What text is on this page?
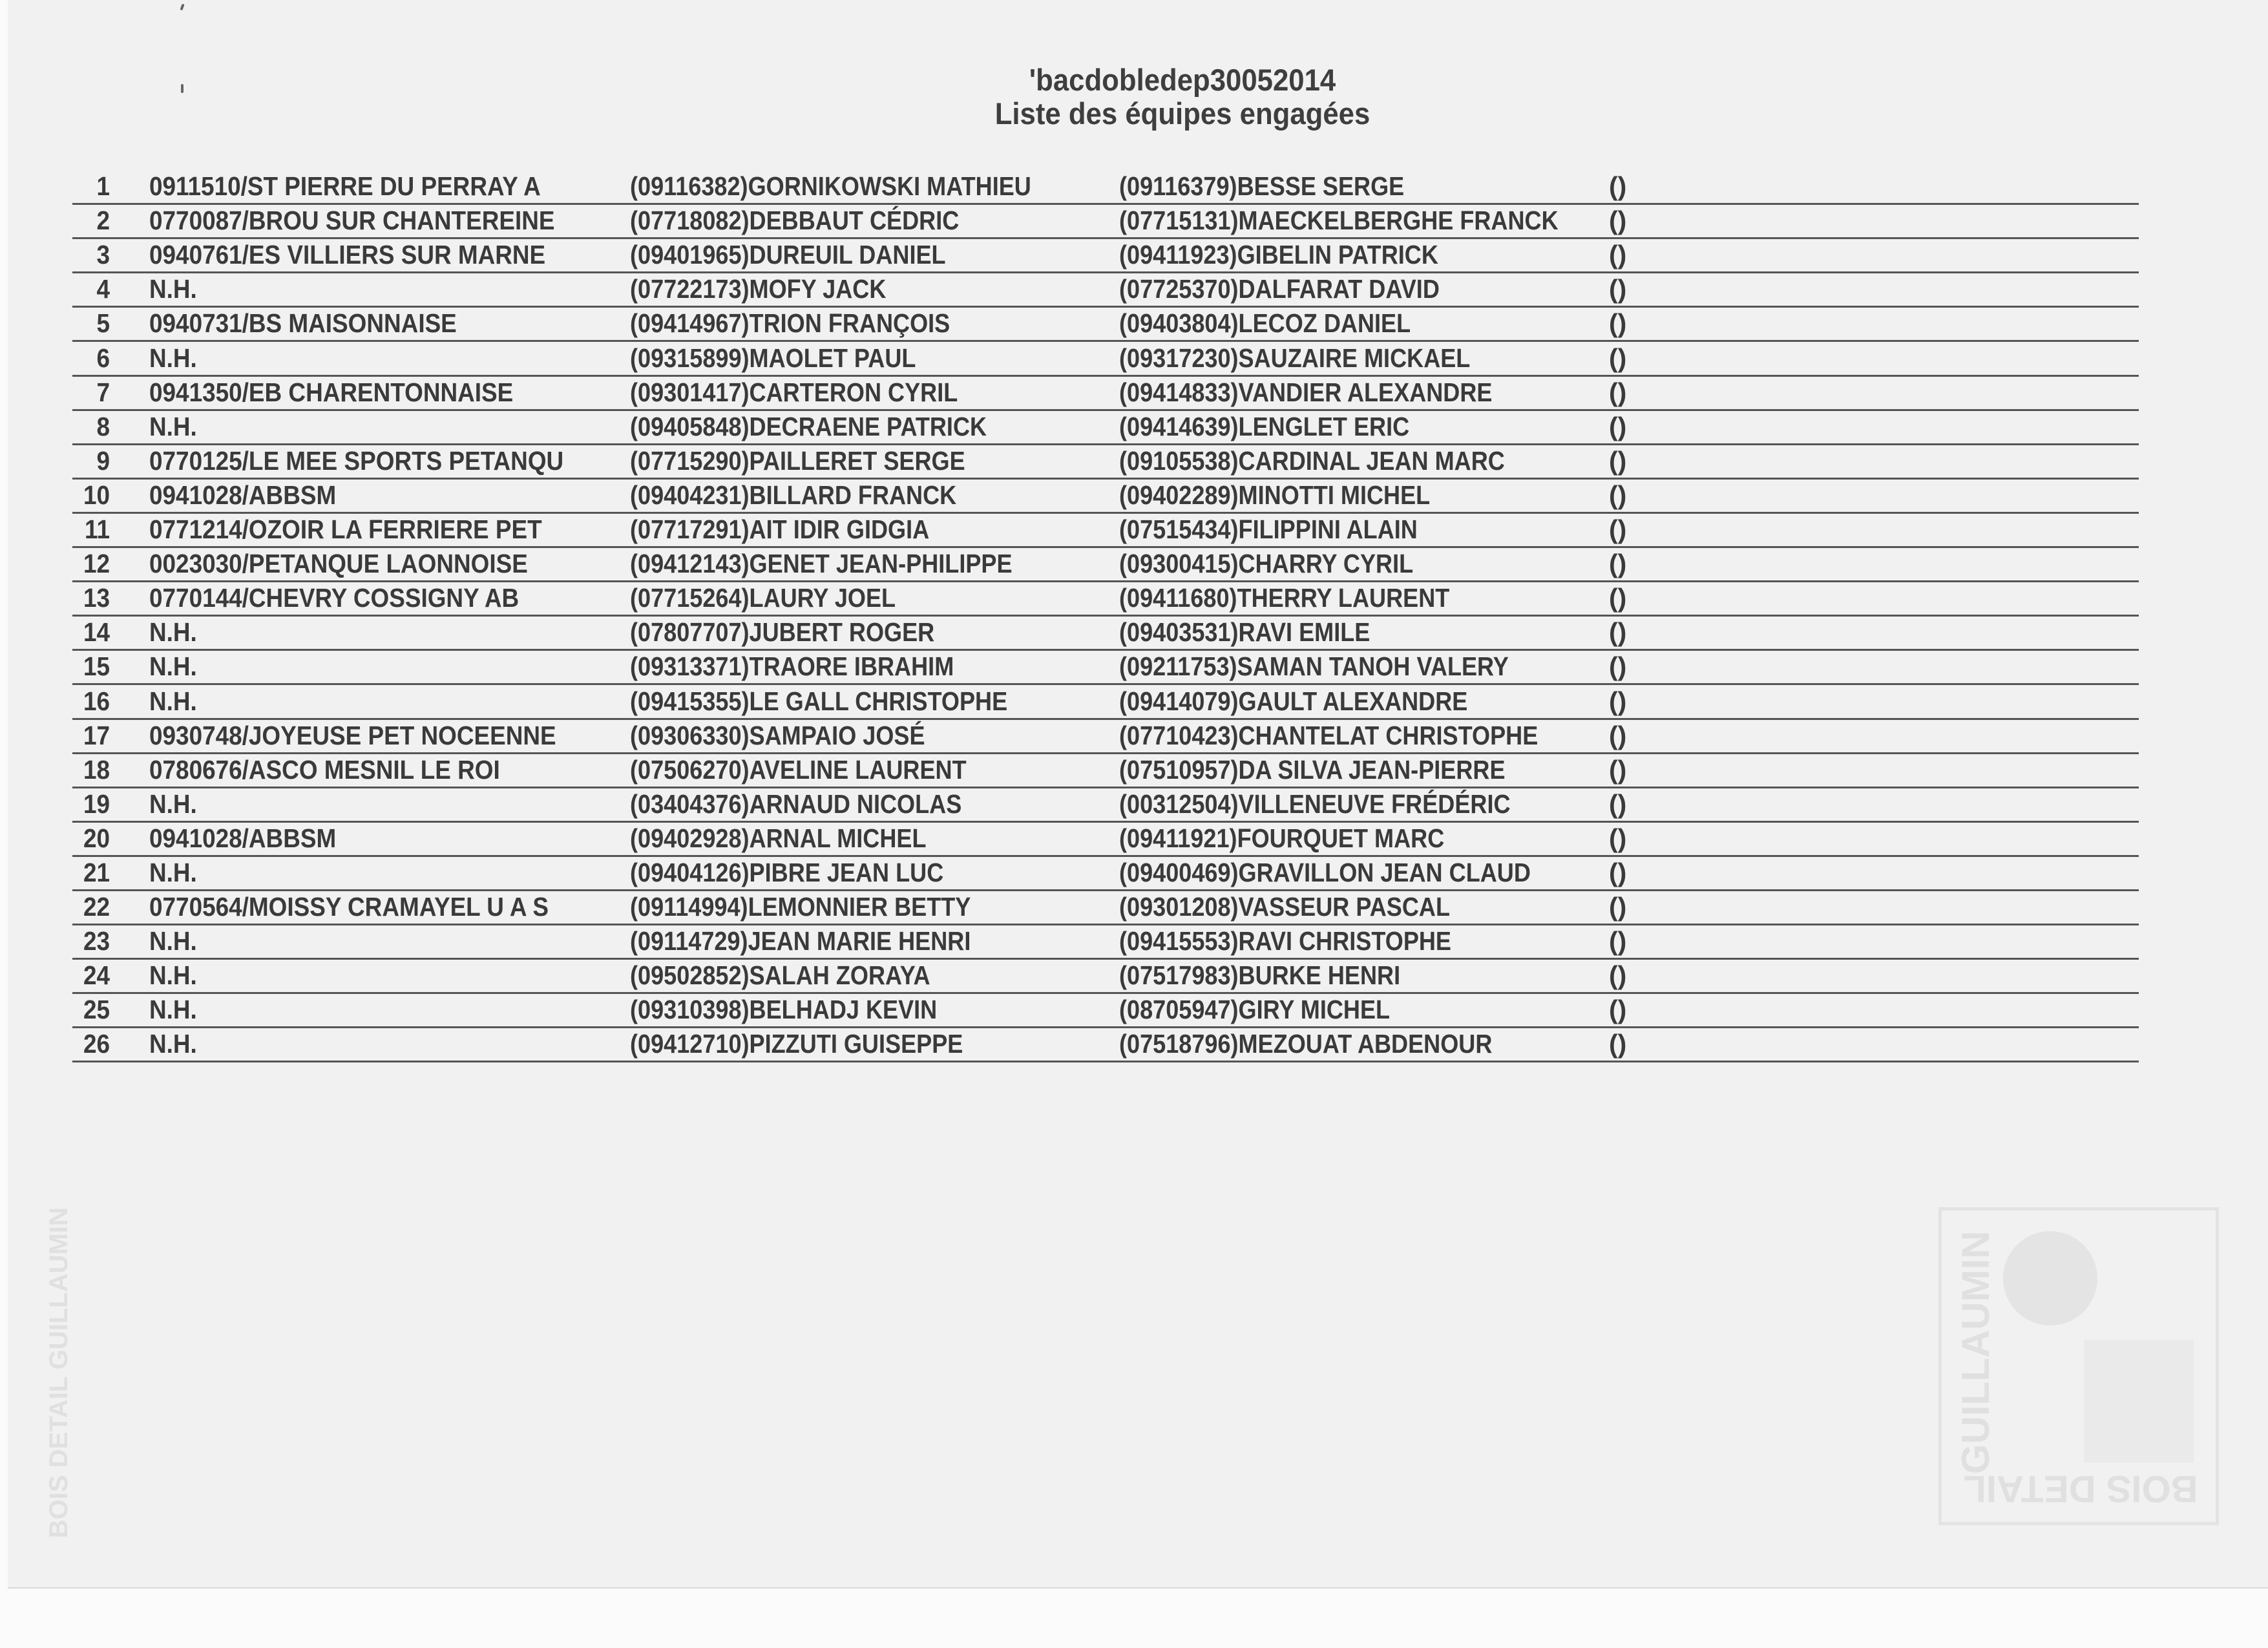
BOIS DETAIL GUILLAUMIN
'bacdobledep30052014
Liste des équipes engagées
1 0911510/ST PIERRE DU PERRAY A	(09116382)GORNIKOWSKI MATHIEU	(09116379)BESSE SERGE	()
2 0770087/BROU SUR CHANTEREINE	(07718082)DEBBAUT CÉDRIC	(07715131)MAECKELBERGHE FRANCK ()
3 0940761/ES VILLIERS SUR MARNE	(09401965)DUREUIL DANIEL	(09411923)GIBELIN PATRICK	()
4 N.H.	(07722173)MOFY JACK	(07725370)DALFARAT DAVID	()
5 0940731/BS MAISONNAISE	(09414967)TRION FRANÇOIS	(09403804)LECOZ DANIEL	()
6 N.H.	(09315899)MAOLET PAUL	(09317230)SAUZAIRE MICKAEL	()
7 0941350/EB CHARENTONNAISE	(09301417)CARTERON CYRIL	(09414833)VANDIER ALEXANDRE	()
8 N.H.	(09405848)DECRAENE PATRICK	(09414639)LENGLET ERIC	()
9 0770125/LE MEE SPORTS PETANQU	(07715290)PAILLERET SERGE	(09105538)CARDINAL JEAN MARC	()
10 0941028/ABBSM	(09404231)BILLARD FRANCK	(09402289)MINOTTI MICHEL	()
11 0771214/OZOIR LA FERRIERE PET	(07717291)AIT IDIR GIDGIA	(07515434)FILIPPINI ALAIN	()
12 0023030/PETANQUE LAONNOISE	(09412143)GENET JEAN-PHILIPPE	(09300415)CHARRY CYRIL	()
13 0770144/CHEVRY COSSIGNY AB	(07715264)LAURY JOEL	(09411680)THERRY LAURENT	()
14 N.H.	(07807707)JUBERT ROGER	(09403531)RAVI EMILE	()
15 N.H.	(09313371)TRAORE IBRAHIM	(09211753)SAMAN TANOH VALERY	()
16 N.H.	(09415355)LE GALL CHRISTOPHE	(09414079)GAULT ALEXANDRE	()
17 0930748/JOYEUSE PET NOCEENNE	(09306330)SAMPAIO JOSÉ	(07710423)CHANTELAT CHRISTOPHE	()
18 0780676/ASCO MESNIL LE ROI	(07506270)AVELINE LAURENT	(07510957)DA SILVA JEAN-PIERRE	()
19 N.H.	(03404376)ARNAUD NICOLAS	(00312504)VILLENEUVE FRÉDÉRIC	()
20 0941028/ABBSM	(09402928)ARNAL MICHEL	(09411921)FOURQUET MARC	()
21 N.H.	(09404126)PIBRE JEAN LUC	(09400469)GRAVILLON JEAN CLAUD	()
22 0770564/MOISSY CRAMAYEL U A S	(09114994)LEMONNIER BETTY	(09301208)VASSEUR PASCAL	()
23 N.H.	(09114729)JEAN MARIE HENRI	(09415553)RAVI CHRISTOPHE	()
24 N.H.	(09502852)SALAH ZORAYA	(07517983)BURKE HENRI	()
25 N.H.	(09310398)BELHADJ KEVIN	(08705947)GIRY MICHEL	()
26 N.H.	(09412710)PIZZUTI GUISEPPE	(07518796)MEZOUAT ABDENOUR	()
GUILLAUMIN
BOIS DETAIL
